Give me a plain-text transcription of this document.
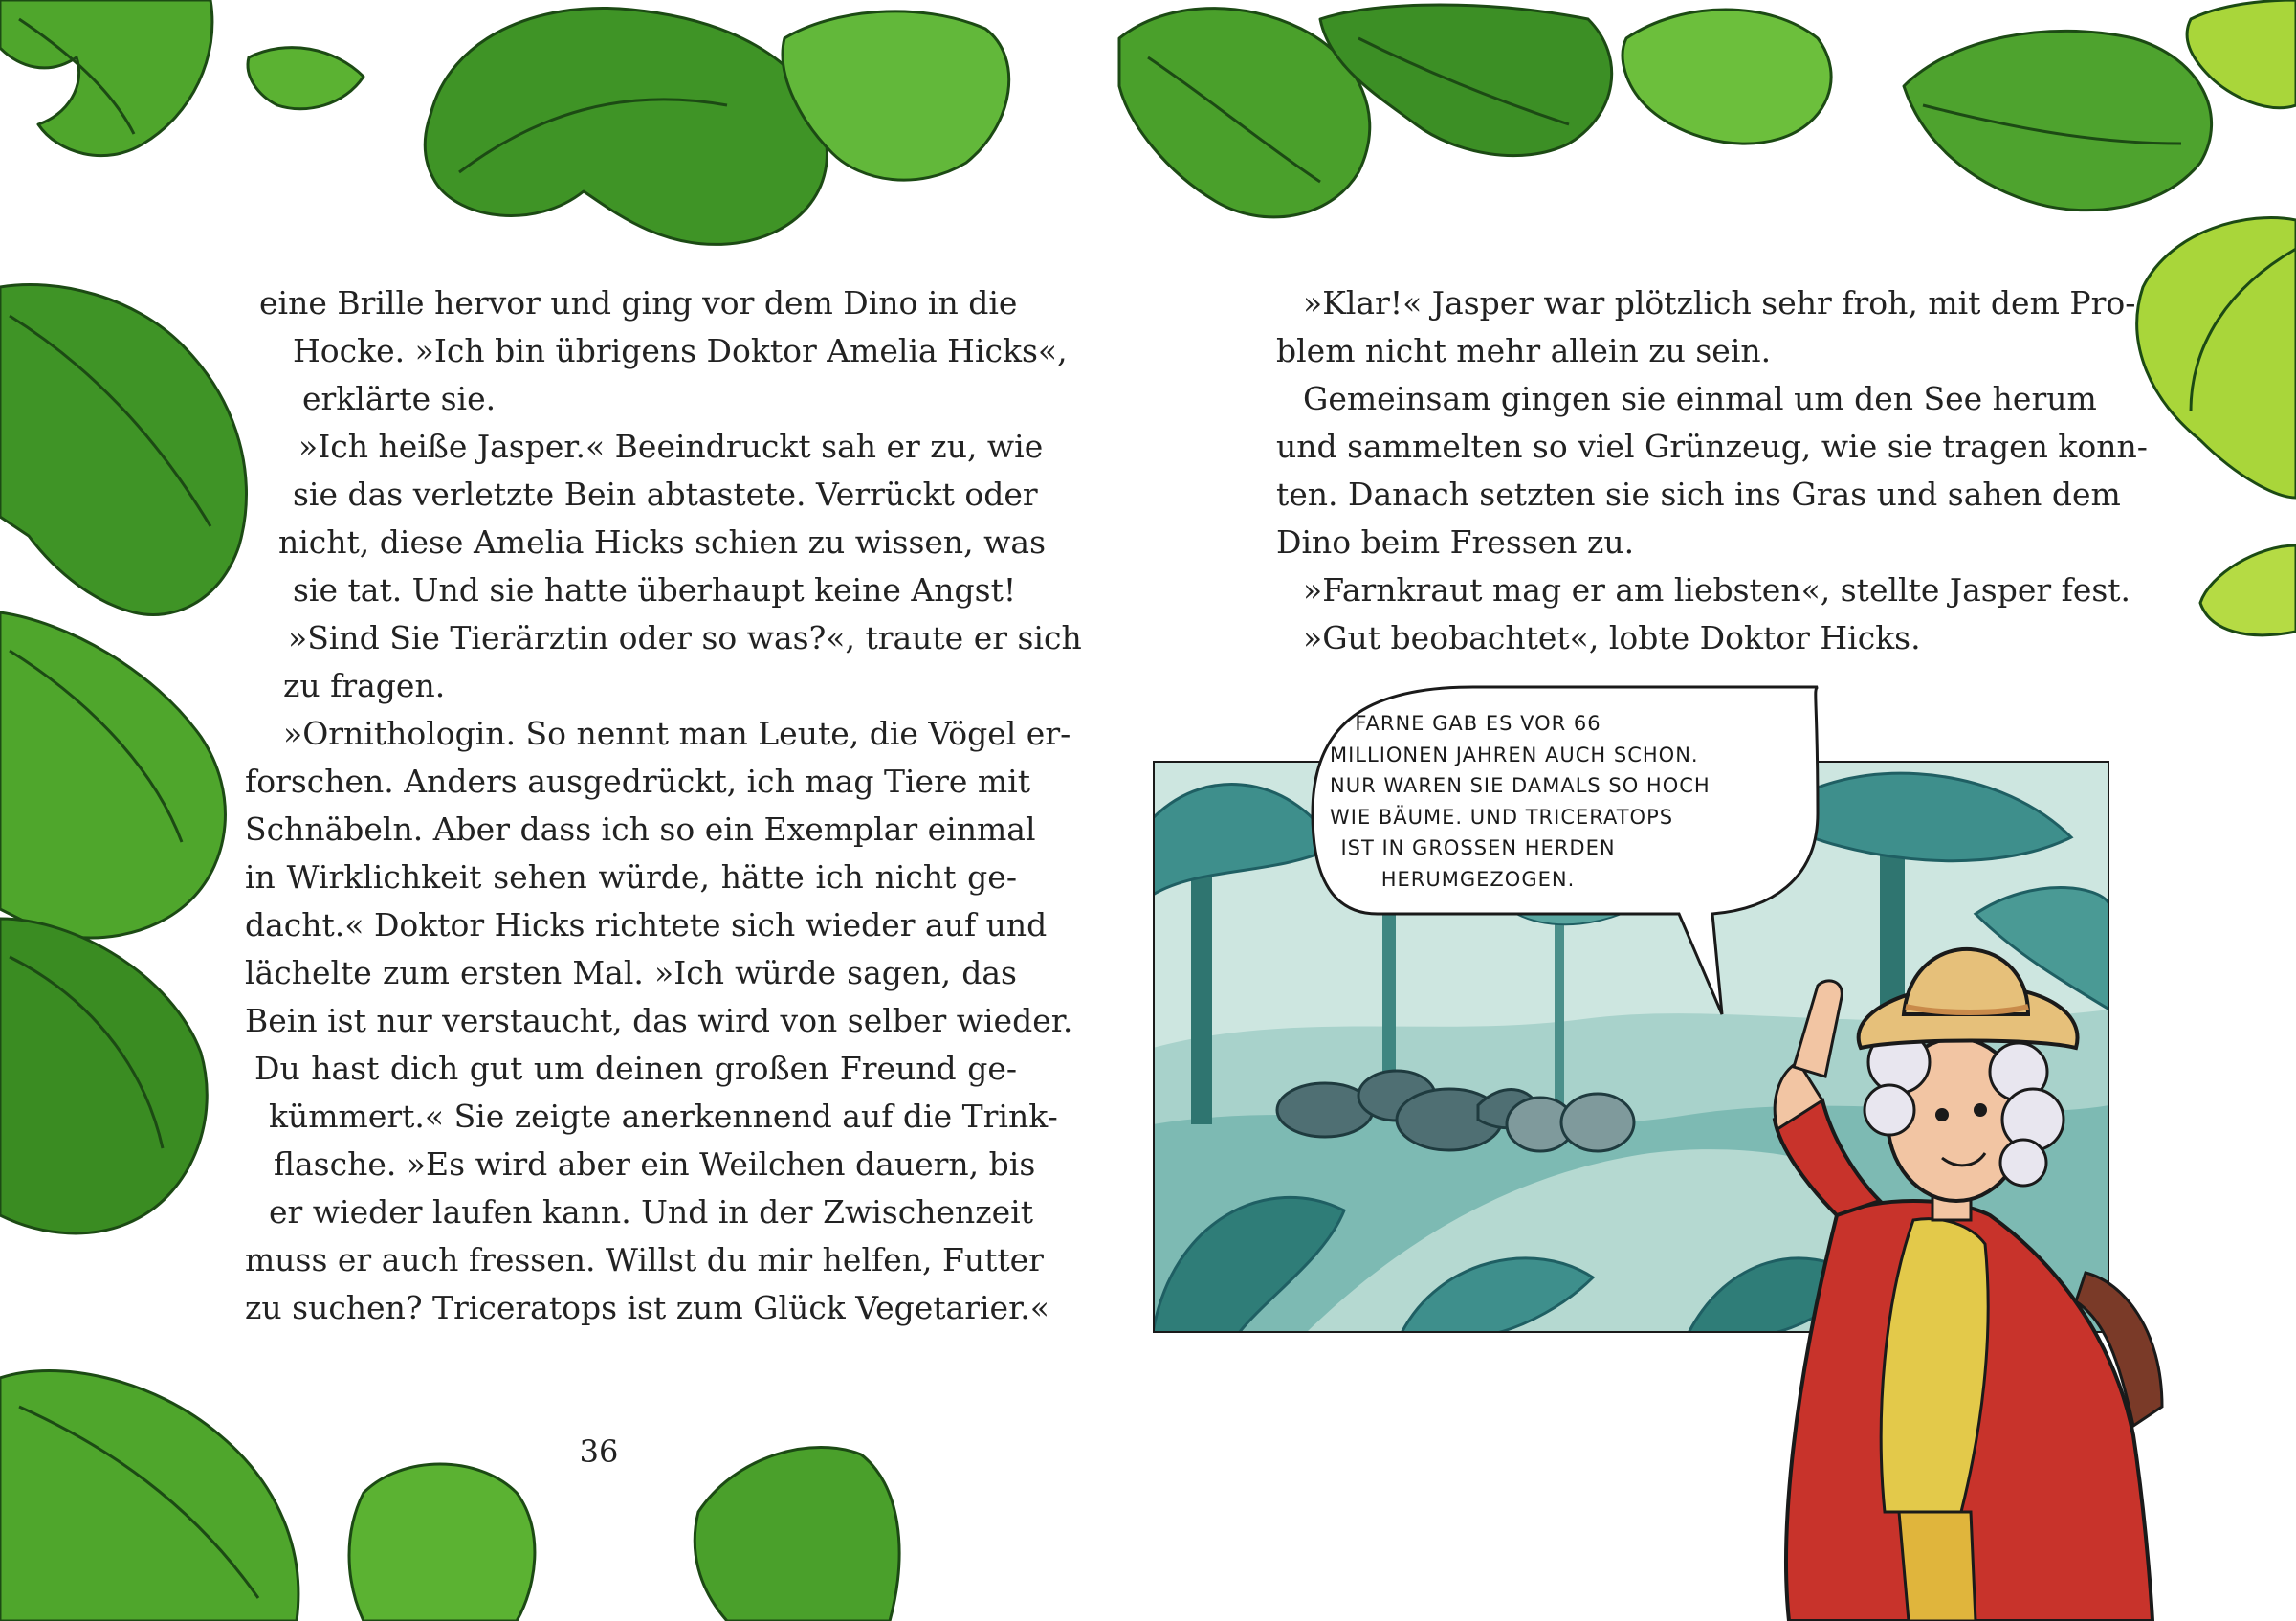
eine Brille hervor und ging vor dem Dino in die
Hocke. »Ich bin übrigens Doktor Amelia Hicks«,
erklärte sie.
»Ich heiße Jasper.« Beeindruckt sah er zu, wie
sie das verletzte Bein abtastete. Verrückt oder
nicht, diese Amelia Hicks schien zu wissen, was
sie tat. Und sie hatte überhaupt keine Angst!
»Sind Sie Tierärztin oder so was?«, traute er sich
zu fragen.
»Ornithologin. So nennt man Leute, die Vögel er-
forschen. Anders ausgedrückt, ich mag Tiere mit
Schnäbeln. Aber dass ich so ein Exemplar einmal
in Wirklichkeit sehen würde, hätte ich nicht ge-
dacht.« Doktor Hicks richtete sich wieder auf und
lächelte zum ersten Mal. »Ich würde sagen, das
Bein ist nur verstaucht, das wird von selber wieder.
Du hast dich gut um deinen großen Freund ge-
kümmert.« Sie zeigte anerkennend auf die Trink-
flasche. »Es wird aber ein Weilchen dauern, bis
er wieder laufen kann. Und in der Zwischenzeit
muss er auch fressen. Willst du mir helfen, Futter
zu suchen? Triceratops ist zum Glück Vegetarier.«
36
»Klar!« Jasper war plötzlich sehr froh, mit dem Pro-
blem nicht mehr allein zu sein.
Gemeinsam gingen sie einmal um den See herum
und sammelten so viel Grünzeug, wie sie tragen konn-
ten. Danach setzten sie sich ins Gras und sahen dem
Dino beim Fressen zu.
»Farnkraut mag er am liebsten«, stellte Jasper fest.
»Gut beobachtet«, lobte Doktor Hicks.
FARNE GAB ES VOR 66
MILLIONEN JAHREN AUCH SCHON.
NUR WAREN SIE DAMALS SO HOCH
WIE BÄUME. UND TRICERATOPS
IST IN GROSSEN HERDEN
HERUMGEZOGEN.
